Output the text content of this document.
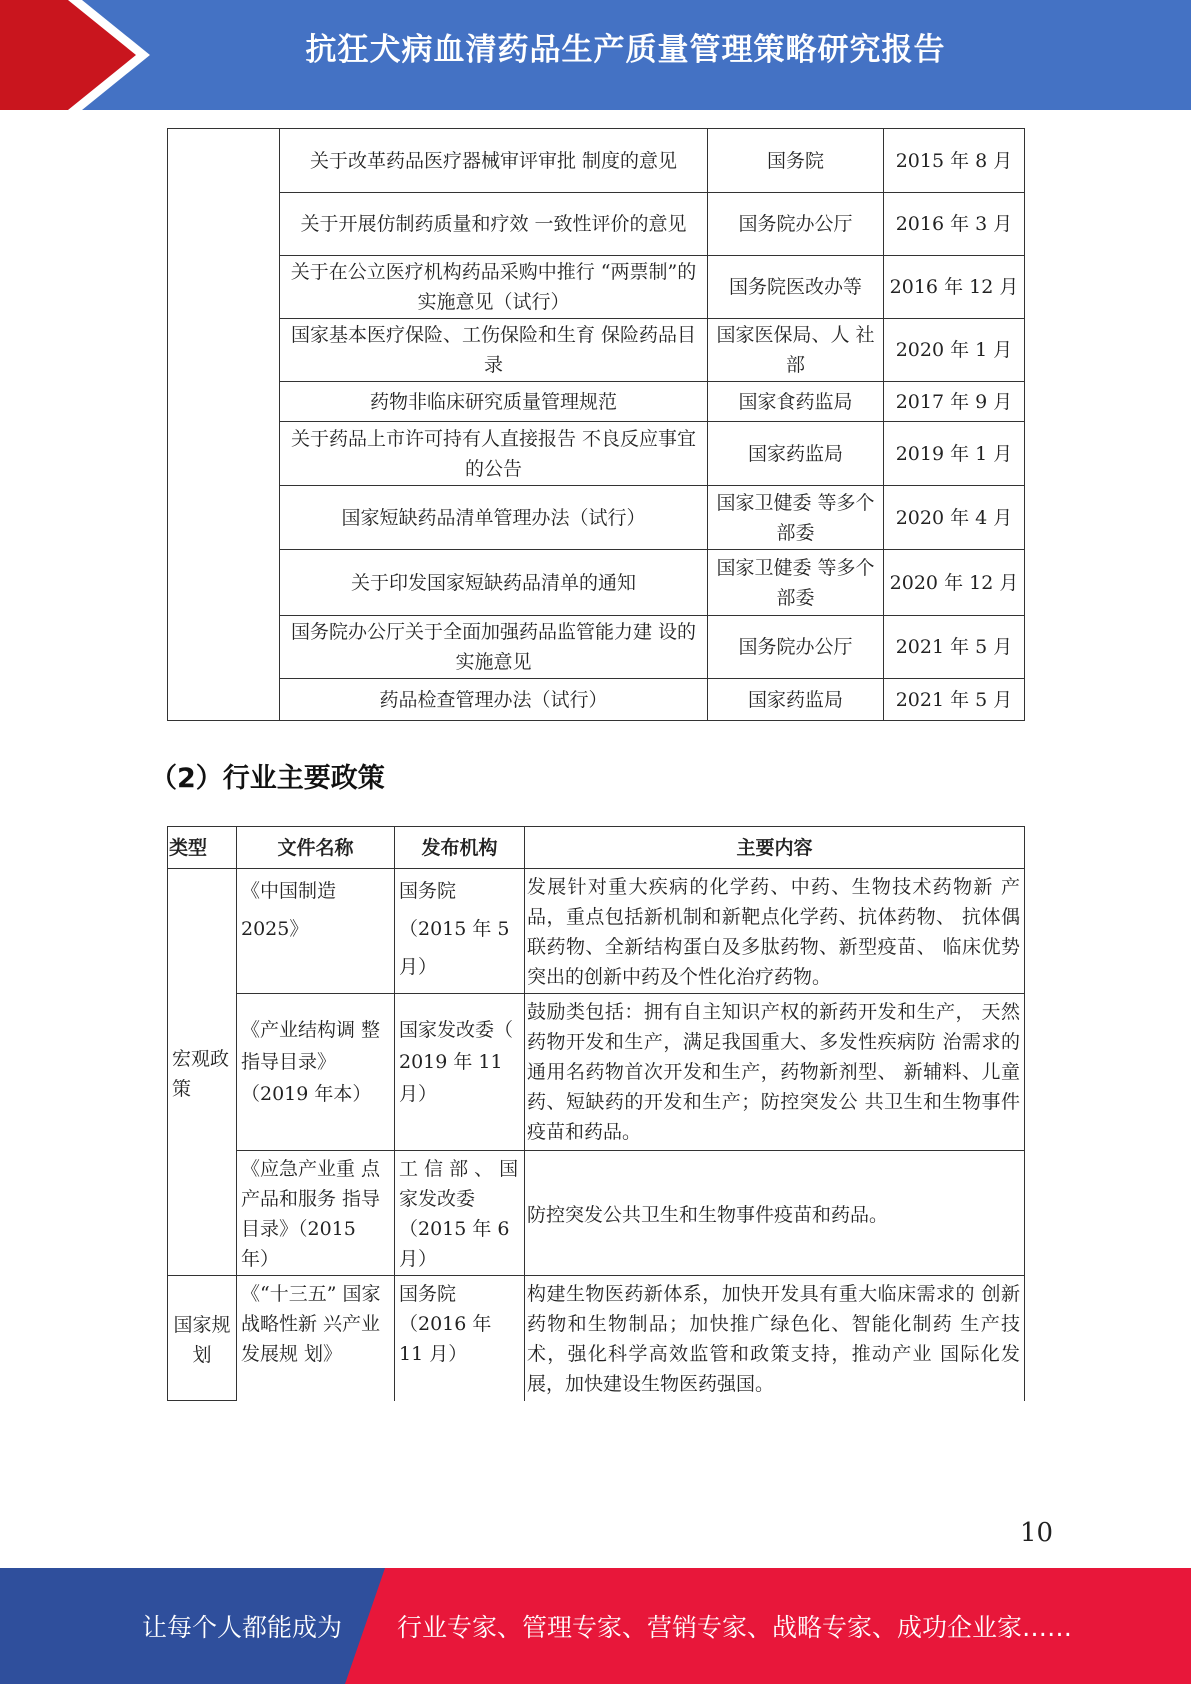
抗狂犬病血清药品生产质量管理策略研究报告
	关于改革药品医疗器械审评审批 制度的意见	国务院	2015 年 8 月
	关于开展仿制药质量和疗效 一致性评价的意见	国务院办公厅	2016 年 3 月
	关于在公立医疗机构药品采购中推行 “两票制”的实施意见（试行）	国务院医改办等	2016 年 12 月
	国家基本医疗保险、工伤保险和生育 保险药品目录	国家医保局、人 社部	2020 年 1 月
	药物非临床研究质量管理规范	国家食药监局	2017 年 9 月
	关于药品上市许可持有人直接报告 不良反应事宜的公告	国家药监局	2019 年 1 月
	国家短缺药品清单管理办法（试行）	国家卫健委 等多个部委	2020 年 4 月
	关于印发国家短缺药品清单的通知	国家卫健委 等多个部委	2020 年 12 月
	国务院办公厅关于全面加强药品监管能力建 设的实施意见	国务院办公厅	2021 年 5 月
	药品检查管理办法（试行）	国家药监局	2021 年 5 月
（2）行业主要政策
类型	文件名称	发布机构	主要内容
宏观政策	《中国制造2025》	国务院（2015 年 5 月）	发展针对重大疾病的化学药、中药、生物技术药物新 产品，重点包括新机制和新靶点化学药、抗体药物、 抗体偶联药物、全新结构蛋白及多肽药物、新型疫苗、 临床优势突出的创新中药及个性化治疗药物。
	《产业结构调 整指导目录》（2019 年本）	国家发改委（ 2019 年 11 月）	鼓励类包括：拥有自主知识产权的新药开发和生产， 天然药物开发和生产，满足我国重大、多发性疾病防 治需求的通用名药物首次开发和生产，药物新剂型、 新辅料、儿童药、短缺药的开发和生产；防控突发公 共卫生和生物事件疫苗和药品。
	《应急产业重 点产品和服务 指导目录》（2015 年）	工 信 部 、 国家发改委（2015 年 6 月）	防控突发公共卫生和生物事件疫苗和药品。
国家规划	《“十三五” 国家战略性新 兴产业发展规 划》	国务院（2016 年 11 月）	构建生物医药新体系，加快开发具有重大临床需求的 创新药物和生物制品；加快推广绿色化、智能化制药 生产技术，强化科学高效监管和政策支持，推动产业 国际化发展，加快建设生物医药强国。
10
让每个人都能成为 行业专家、管理专家、营销专家、战略专家、成功企业家……
